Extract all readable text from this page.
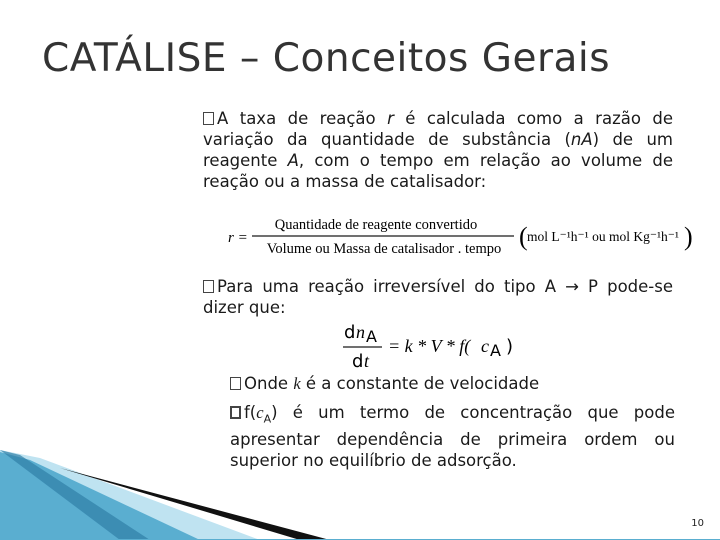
CATÁLISE – Conceitos Gerais
A taxa de reação r é calculada como a razão de variação da quantidade de substância (nA) de um reagente A, com o tempo em relação ao volume de reação ou a massa de catalisador:
r =
Quantidade de reagente convertido
Volume ou Massa de catalisador . tempo ( mol L⁻¹h⁻¹ ou mol Kg⁻¹h⁻¹ )
Para uma reação irreversível do tipo A → P pode-se dizer que:
d n A
d t
= k * V * f( c A )
Onde k é a constante de velocidade
$f(c_A)$ é um termo de concentração que pode apresentar dependência de primeira ordem ou superior no equilíbrio de adsorção.
10
